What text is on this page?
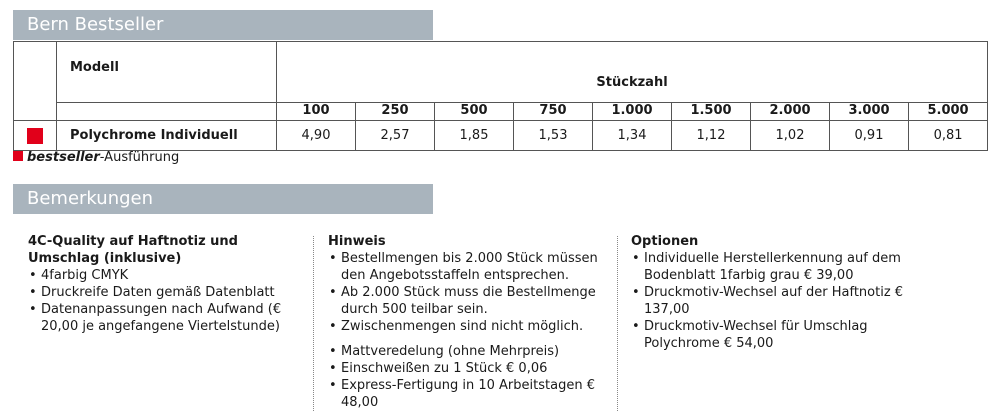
Bern Bestseller
	Modell	Stückzahl								
		100	250	500	750	1.000	1.500	2.000	3.000	5.000
	Polychrome Individuell	4,90	2,57	1,85	1,53	1,34	1,12	1,02	0,91	0,81
bestseller-Ausführung
Bemerkungen
4C-Quality auf Haftnotiz und Umschlag (inklusive)
• 4farbig CMYK
• Druckreife Daten gemäß Datenblatt
• Datenanpassungen nach Aufwand (€ 20,00 je angefangene Viertelstunde)
Hinweis
• Bestellmengen bis 2.000 Stück müssen den Angebotsstaffeln entsprechen.
• Ab 2.000 Stück muss die Bestellmenge durch 500 teilbar sein.
• Zwischenmengen sind nicht möglich.
• Mattveredelung (ohne Mehrpreis)
• Einschweißen zu 1 Stück € 0,06
• Express-Fertigung in 10 Arbeitstagen € 48,00
Optionen
• Individuelle Herstellerkennung auf dem Bodenblatt 1farbig grau € 39,00
• Druckmotiv-Wechsel auf der Haftnotiz € 137,00
• Druckmotiv-Wechsel für Umschlag Polychrome € 54,00
